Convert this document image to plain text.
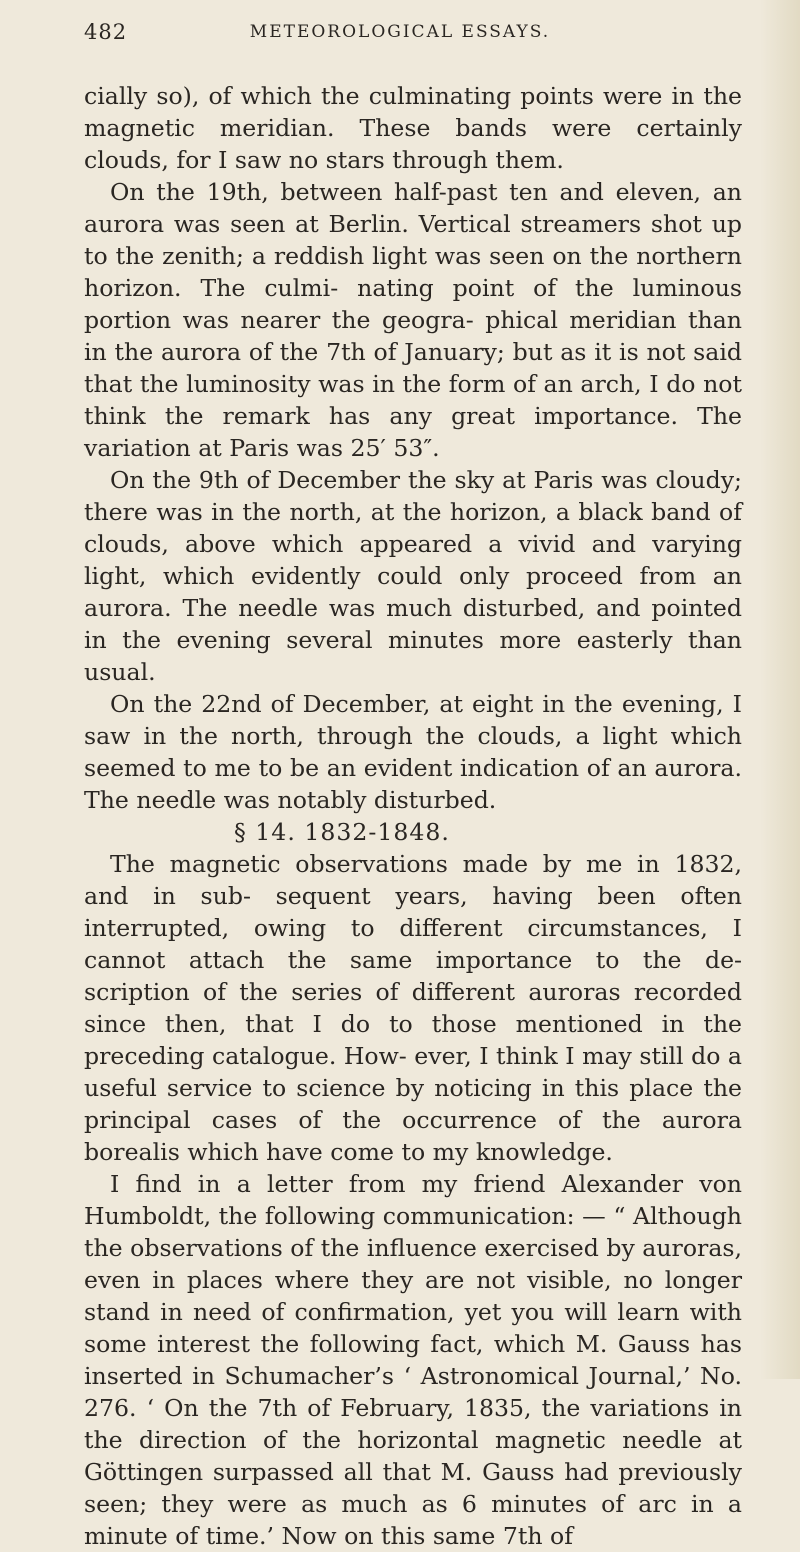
482	METEOROLOGICAL ESSAYS.

cially so), of which the culminating points were in the magnetic meridian. These bands were certainly clouds, for I saw no stars through them.

On the 19th, between half-past ten and eleven, an aurora was seen at Berlin. Vertical streamers shot up to the zenith; a reddish light was seen on the northern horizon. The culmi- nating point of the luminous portion was nearer the geogra- phical meridian than in the aurora of the 7th of January; but as it is not said that the luminosity was in the form of an arch, I do not think the remark has any great importance. The variation at Paris was 25′ 53″.

On the 9th of December the sky at Paris was cloudy; there was in the north, at the horizon, a black band of clouds, above which appeared a vivid and varying light, which evidently could only proceed from an aurora. The needle was much disturbed, and pointed in the evening several minutes more easterly than usual.

On the 22nd of December, at eight in the evening, I saw in the north, through the clouds, a light which seemed to me to be an evident indication of an aurora. The needle was notably disturbed.

§ 14. 1832-1848.

The magnetic observations made by me in 1832, and in sub- sequent years, having been often interrupted, owing to different circumstances, I cannot attach the same importance to the de- scription of the series of different auroras recorded since then, that I do to those mentioned in the preceding catalogue. How- ever, I think I may still do a useful service to science by noticing in this place the principal cases of the occurrence of the aurora borealis which have come to my knowledge.

I find in a letter from my friend Alexander von Humboldt, the following communication: — “ Although the observations of the influence exercised by auroras, even in places where they are not visible, no longer stand in need of confirmation, yet you will learn with some interest the following fact, which M. Gauss has inserted in Schumacher’s ‘ Astronomical Journal,’ No. 276. ‘ On the 7th of February, 1835, the variations in the direction of the horizontal magnetic needle at Göttingen surpassed all that M. Gauss had previously seen; they were as much as 6 minutes of arc in a minute of time.’ Now on this same 7th of
